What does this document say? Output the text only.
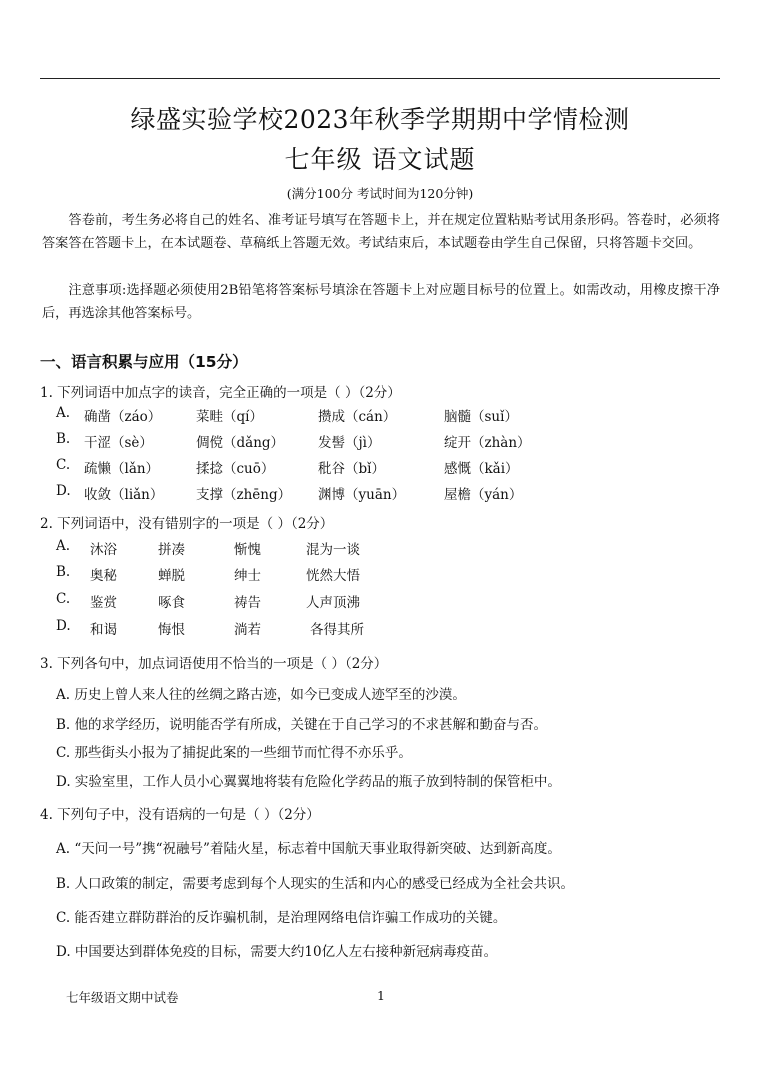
绿盛实验学校2023年秋季学期期中学情检测
七年级 语文试题
(满分100分 考试时间为120分钟)
答卷前，考生务必将自己的姓名、准考证号填写在答题卡上，并在规定位置粘贴考试用条形码。答卷时，必须将答案答在答题卡上，在本试题卷、草稿纸上答题无效。考试结束后，本试题卷由学生自己保留，只将答题卡交回。
注意事项:选择题必须使用2B铅笔将答案标号填涂在答题卡上对应题目标号的位置上。如需改动，用橡皮擦干净后，再选涂其他答案标号。
一、语言积累与应用（15分）
1. 下列词语中加点字的读音，完全正确的一项是（ ）（2分）
A. 确凿（záo）	菜畦（qí）	攒成（cán）	脑髓（suǐ）
B. 干涩（sè）	倜傥（dǎng）	发髻（jì）	绽开（zhàn）
C. 疏懒（lǎn）	揉捻（cuō）	秕谷（bǐ）	感慨（kǎi）
D. 收敛（liǎn） 支撑（zhēng） 渊博（yuān）	屋檐（yán）
2. 下列词语中，没有错别字的一项是（ ）（2分）
A. 沐浴	拼凑	惭愧	混为一谈
B. 奥秘	蝉脱	绅士	恍然大悟
C. 鉴赏	啄食	祷告	人声顶沸
D. 和谒	悔恨	淌若	各得其所
3. 下列各句中，加点词语使用不恰当的一项是（ ）（2分）
A. 历史上曾人来人往的丝绸之路古迹，如今已变成人迹罕至的沙漠。
B. 他的求学经历，说明能否学有所成，关键在于自己学习的不求甚解和勤奋与否。
C. 那些街头小报为了捕捉此案的一些细节而忙得不亦乐乎。
D. 实验室里，工作人员小心翼翼地将装有危险化学药品的瓶子放到特制的保管柜中。
4. 下列句子中，没有语病的一句是（ ）（2分）
A. “天问一号”携“祝融号”着陆火星，标志着中国航天事业取得新突破、达到新高度。
B. 人口政策的制定，需要考虑到每个人现实的生活和内心的感受已经成为全社会共识。
C. 能否建立群防群治的反诈骗机制，是治理网络电信诈骗工作成功的关键。
D. 中国要达到群体免疫的目标，需要大约10亿人左右接种新冠病毒疫苗。
七年级语文期中试卷	1
